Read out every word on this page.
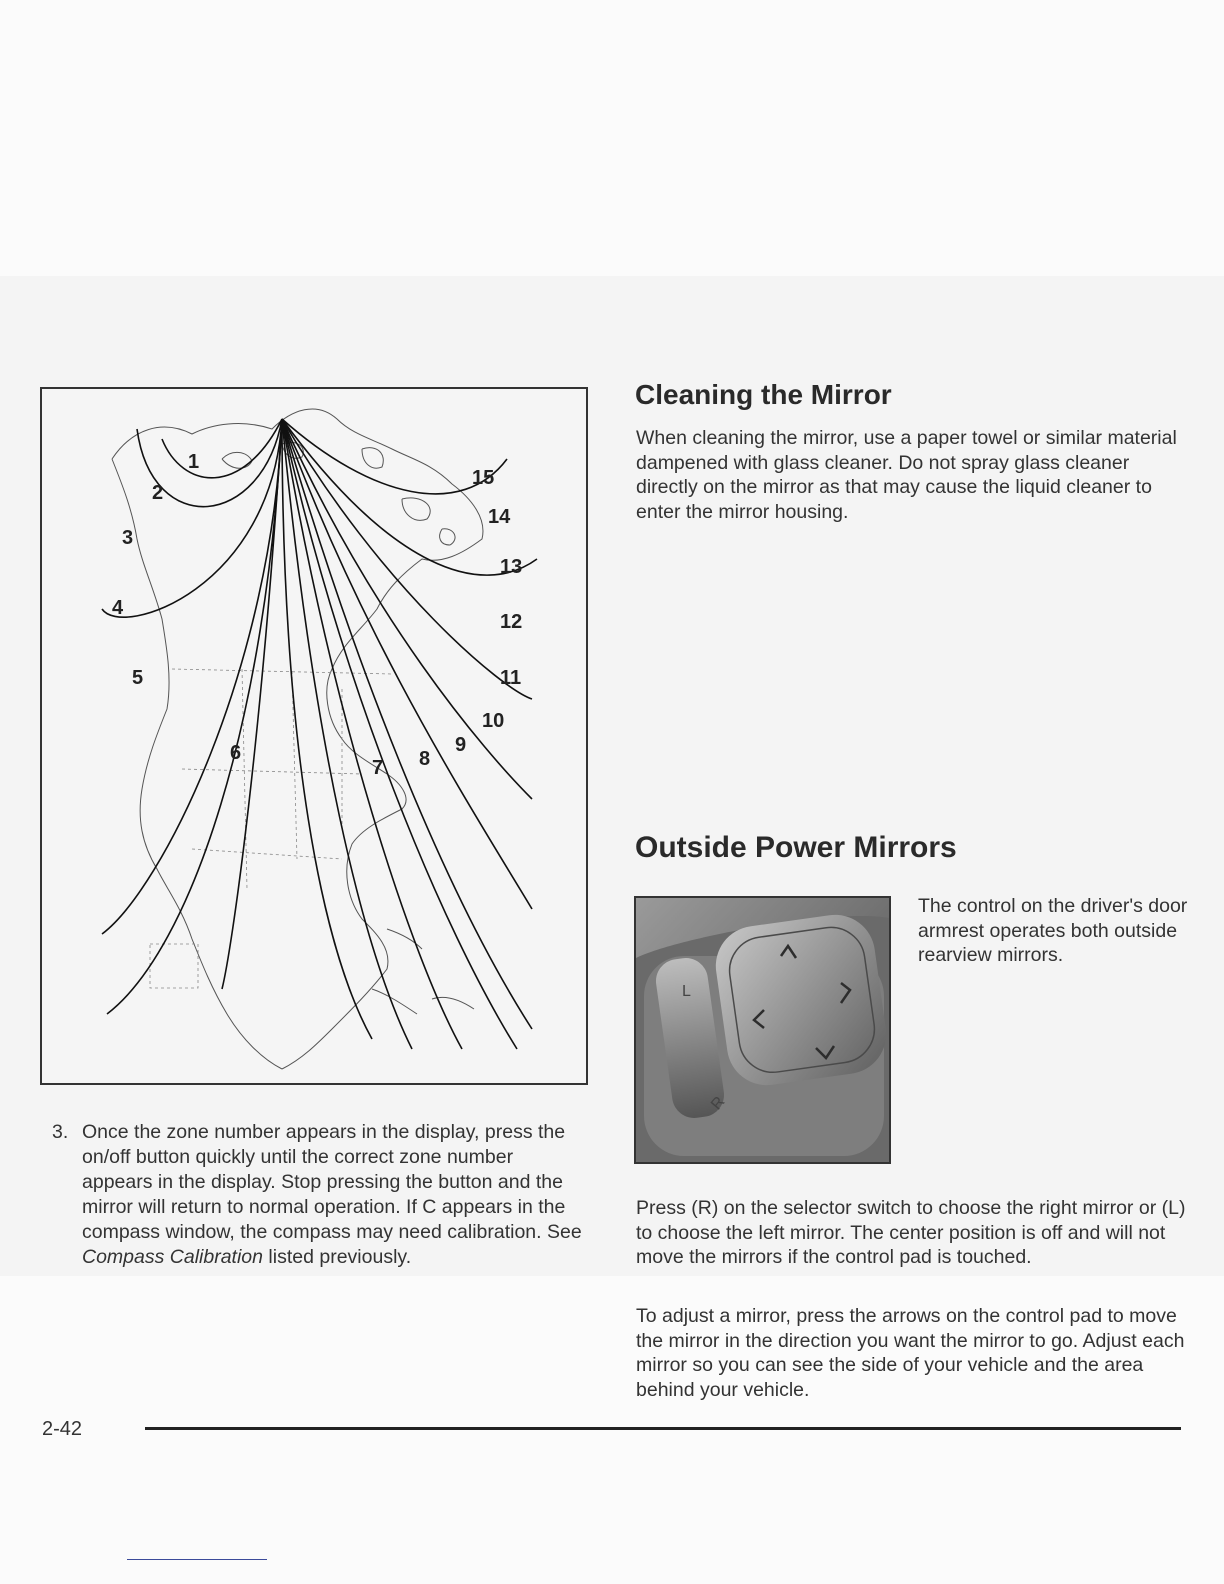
1
2
3
4
5
6
7 8
9
10
11
12
13
14
15
3. Once the zone number appears in the display, press the on/off button quickly until the correct zone number appears in the display. Stop pressing the button and the mirror will return to normal operation. If C appears in the compass window, the compass may need calibration. See Compass Calibration listed previously.
Cleaning the Mirror

When cleaning the mirror, use a paper towel or similar material dampened with glass cleaner. Do not spray glass cleaner directly on the mirror as that may cause the liquid cleaner to enter the mirror housing.

Outside Power Mirrors
L
R

The control on the driver's door armrest operates both outside rearview mirrors.

Press (R) on the selector switch to choose the right mirror or (L) to choose the left mirror. The center position is off and will not move the mirrors if the control pad is touched.

To adjust a mirror, press the arrows on the control pad to move the mirror in the direction you want the mirror to go. Adjust each mirror so you can see the side of your vehicle and the area behind your vehicle.

2-42
